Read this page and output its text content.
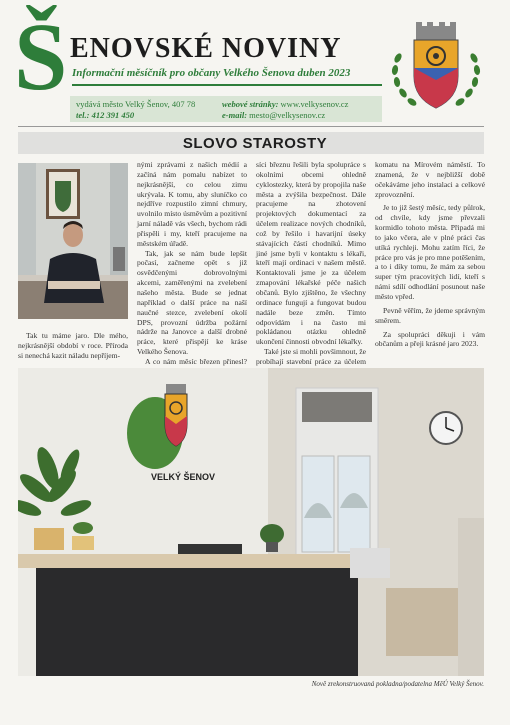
Š ENOVSKÉ NOVINY
Informační měsíčník pro občany Velkého Šenova duben 2023
vydává město Velký Šenov, 407 78
tel.: 412 391 450
webové stránky: www.velkysenov.cz
e-mail: mesto@velkysenov.cz
SLOVO STAROSTY

Tak tu máme jaro. Dle mého, nejkrásnější období v roce. Příroda si nenechá kazit náladu nepříjem-

nými zprávami z našich médií a začíná nám pomalu nabízet to nejkrásnější, co celou zimu ukrývala. K tomu, aby sluníčko co nejdříve rozpustilo zimní chmury, uvolnilo místo úsměvům a pozitivní jarní náladě vás všech, bychom rádi přispěli i my, kteří pracujeme na městském úřadě.

Tak, jak se nám bude lepšit počasí, začneme opět s již osvědčenými dobrovolnými akcemi, zaměřenými na zvelebení našeho města. Bude se jednat například o další práce na naší naučné stezce, zvelebení okolí DPS, provozní údržba požární nádrže na Janovce a další drobné práce, které přispějí ke kráse Velkého Šenova.

A co nám měsíc březen přinesl?

síci březnu řešili byla spolupráce s okolními obcemi ohledně cyklostezky, která by propojila naše města a zvýšila bezpečnost. Dále pracujeme na zhotovení projektových dokumentací za účelem realizace nových chodníků, což by řešilo i havarijní úseky stávajících částí chodníků. Mimo jiné jsme byli v kontaktu s lékaři, kteří mají ordinaci v našem městě. Kontaktovali jsme je za účelem zmapování lékařské péče našich občanů. Bylo zjištěno, že všechny ordinace fungují a fungovat budou nadále beze změn. Tímto odpovídám i na často mi pokládanou otázku ohledně ukončení činnosti obvodní lékařky.

Také jste si mohli povšimnout, že probíhají stavební práce za účelem

komatu na Mírovém náměstí. To znamená, že v nejbližší době očekáváme jeho instalaci a celkové zprovoznění.

Je to již šestý měsíc, tedy půlrok, od chvíle, kdy jsme převzali kormidlo tohoto města. Připadá mi to jako včera, ale v plné práci čas utíká rychleji. Mohu zatím říci, že práce pro vás je pro mne potěšením, a to i díky tomu, že mám za sebou super tým pracovitých lidí, kteří s námi sdílí odhodlání posunout naše město vpřed.

Pevně věřím, že jdeme správným směrem.

Za spolupráci děkuji i vám občanům a přeji krásné jaro 2023.

VELKÝ ŠENOV
Nově zrekonstruovaná pokladna/podatelna MěÚ Velký Šenov.
